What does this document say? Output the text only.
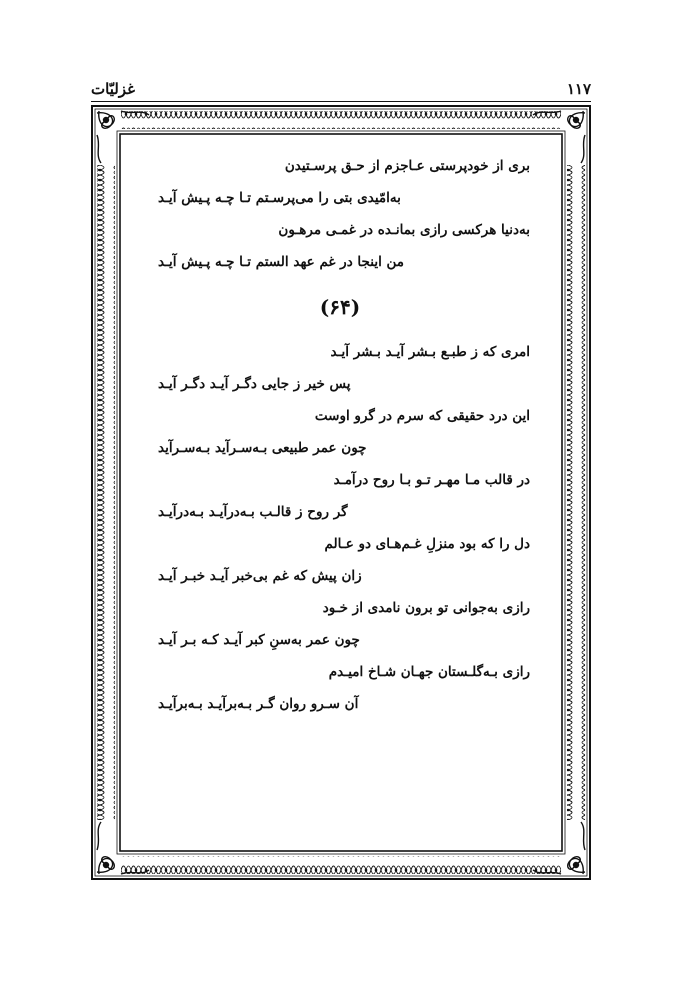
۱۱۷
غزلیّات
بری از خودپرستی عـاجزم از حـق پرسـتیدن
به‌امّیدی بتی را می‌پرسـتم تـا چـه پـیش آیـد
به‌دنیا هرکسی رازی بمانـده در غمـی مرهـون
من اینجا در غم عهد الستم تـا چـه پـیش آیـد
(۶۴)
امری که ز طبـع بـشر آیـد بـشر آیـد
پس خیر ز جایی دگـر آیـد دگـر آیـد
این درد حقیقی که سرم در گرو اوست
چون عمر طبیعی بـه‌سـرآید بـه‌سـرآید
در قالب مـا مهـر تـو بـا روح درآمـد
گر روح ز قالـب بـه‌درآیـد بـه‌درآیـد
دل را که بود منزلِ غـم‌هـای دو عـالم
زان پیش که غم بی‌خبر آیـد خبـر آیـد
رازی به‌جوانی تو برون نامدی از خـود
چون عمر به‌سنِ کبر آیـد کـه بـر آیـد
رازی بـه‌گلـستان جهـان شـاخ امیـدم
آن سـرو روان گـر بـه‌برآیـد بـه‌برآیـد
